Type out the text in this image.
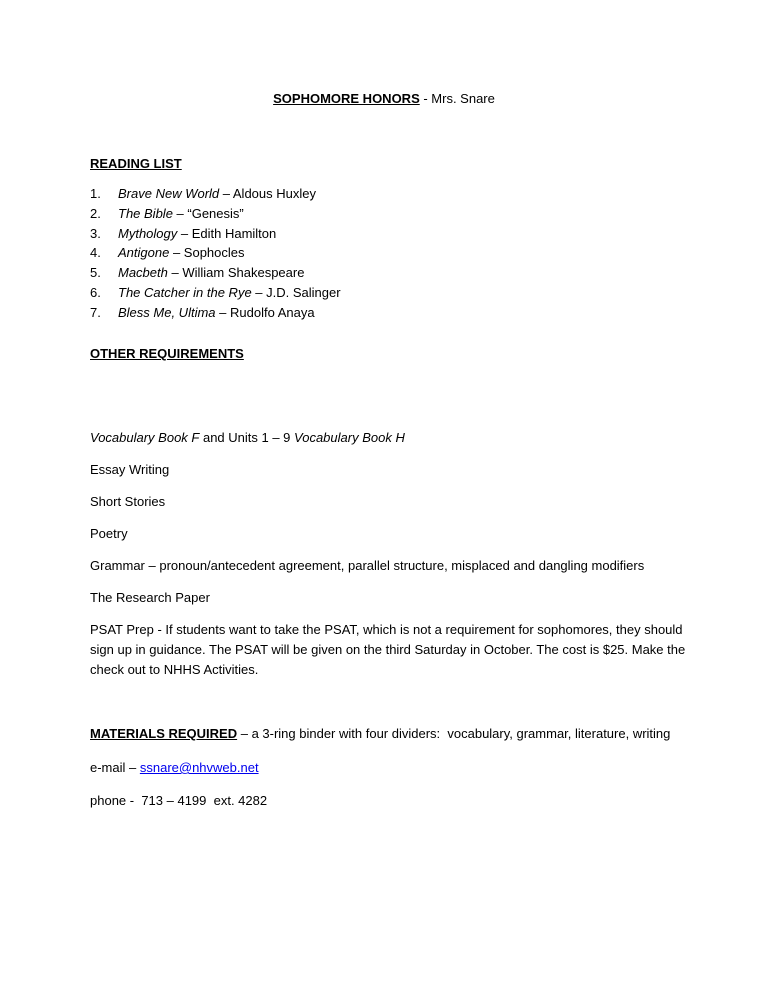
SOPHOMORE HONORS - Mrs. Snare
READING LIST
1. Brave New World – Aldous Huxley
2. The Bible – “Genesis”
3. Mythology – Edith Hamilton
4. Antigone – Sophocles
5. Macbeth – William Shakespeare
6. The Catcher in the Rye – J.D. Salinger
7. Bless Me, Ultima – Rudolfo Anaya
OTHER REQUIREMENTS
Vocabulary Book F and Units 1 – 9 Vocabulary Book H
Essay Writing
Short Stories
Poetry
Grammar – pronoun/antecedent agreement, parallel structure, misplaced and dangling modifiers
The Research Paper
PSAT Prep - If students want to take the PSAT, which is not a requirement for sophomores, they should sign up in guidance. The PSAT will be given on the third Saturday in October. The cost is $25. Make the check out to NHHS Activities.
MATERIALS REQUIRED – a 3-ring binder with four dividers:  vocabulary, grammar, literature, writing
e-mail – ssnare@nhvweb.net
phone -  713 – 4199  ext. 4282
